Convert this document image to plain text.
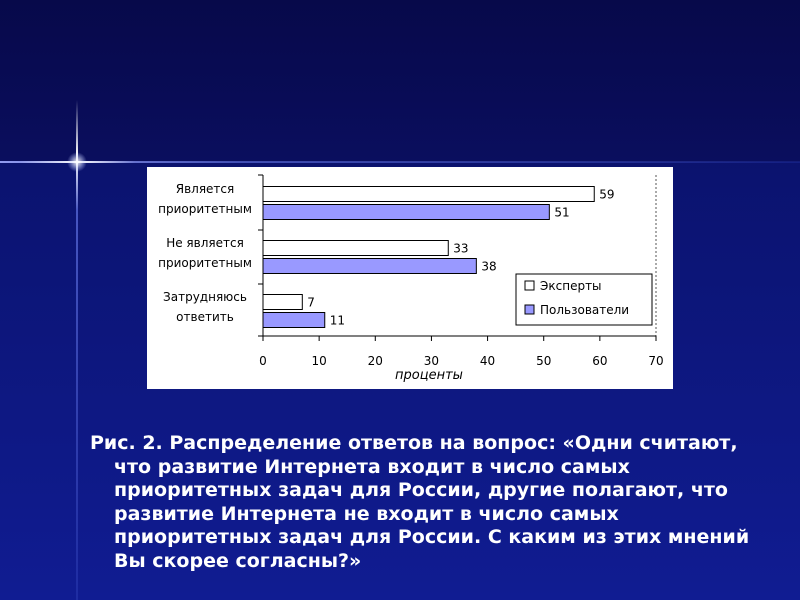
59
51
Является
приоритетным
33
38
Не является
приоритетным
7
11
Затрудняюсь
ответить
0	10	20	30	40	50	60	70
проценты
Эксперты
Пользователи
Рис. 2. Распределение ответов на вопрос: «Одни считают, что развитие Интернета входит в число самых приоритетных задач для России, другие полагают, что развитие Интернета не входит в число самых приоритетных задач для России. С каким из этих мнений Вы скорее согласны?»
